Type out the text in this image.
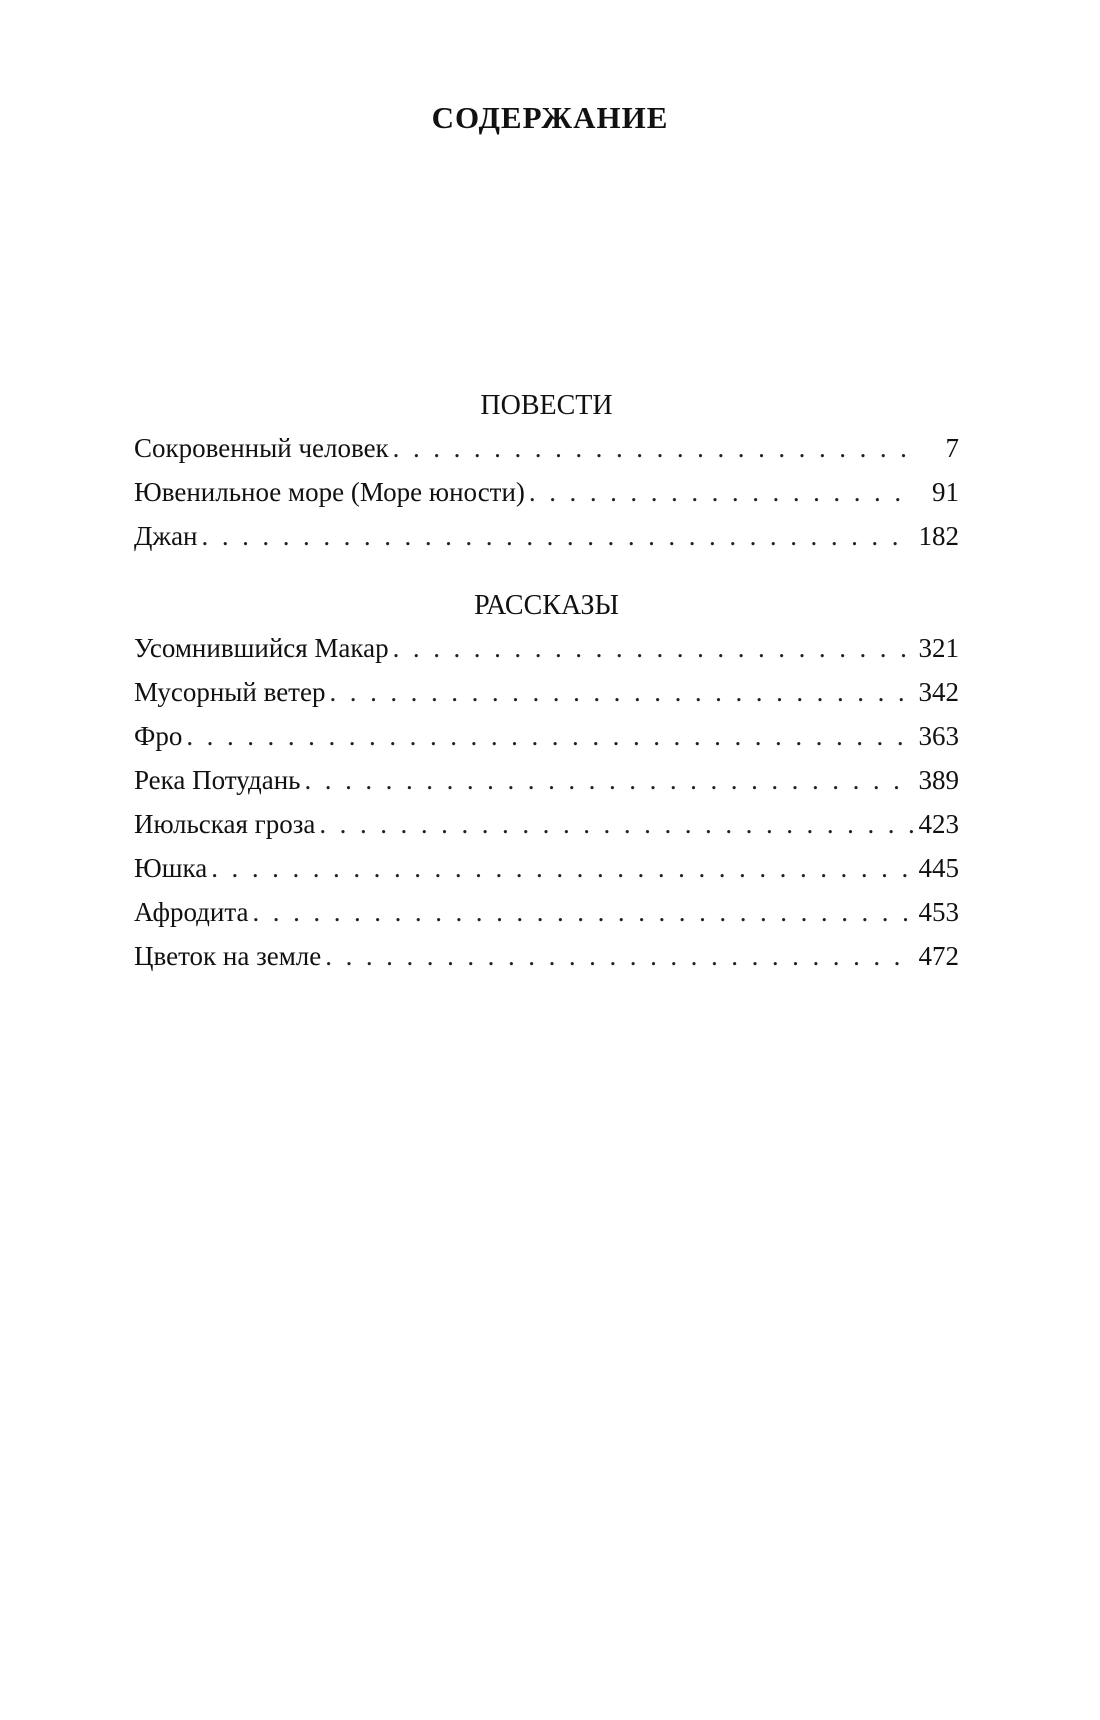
СОДЕРЖАНИЕ
ПОВЕСТИ
Сокровенный человек . . .	7
Ювенильное море (Море юности) . . .	91
Джан . . .	182
РАССКАЗЫ
Усомнившийся Макар . . .	321
Мусорный ветер . . .	342
Фро . . .	363
Река Потудань . . .	389
Июльская гроза . . .	423
Юшка . . .	445
Афродита . . .	453
Цветок на земле . . .	472
